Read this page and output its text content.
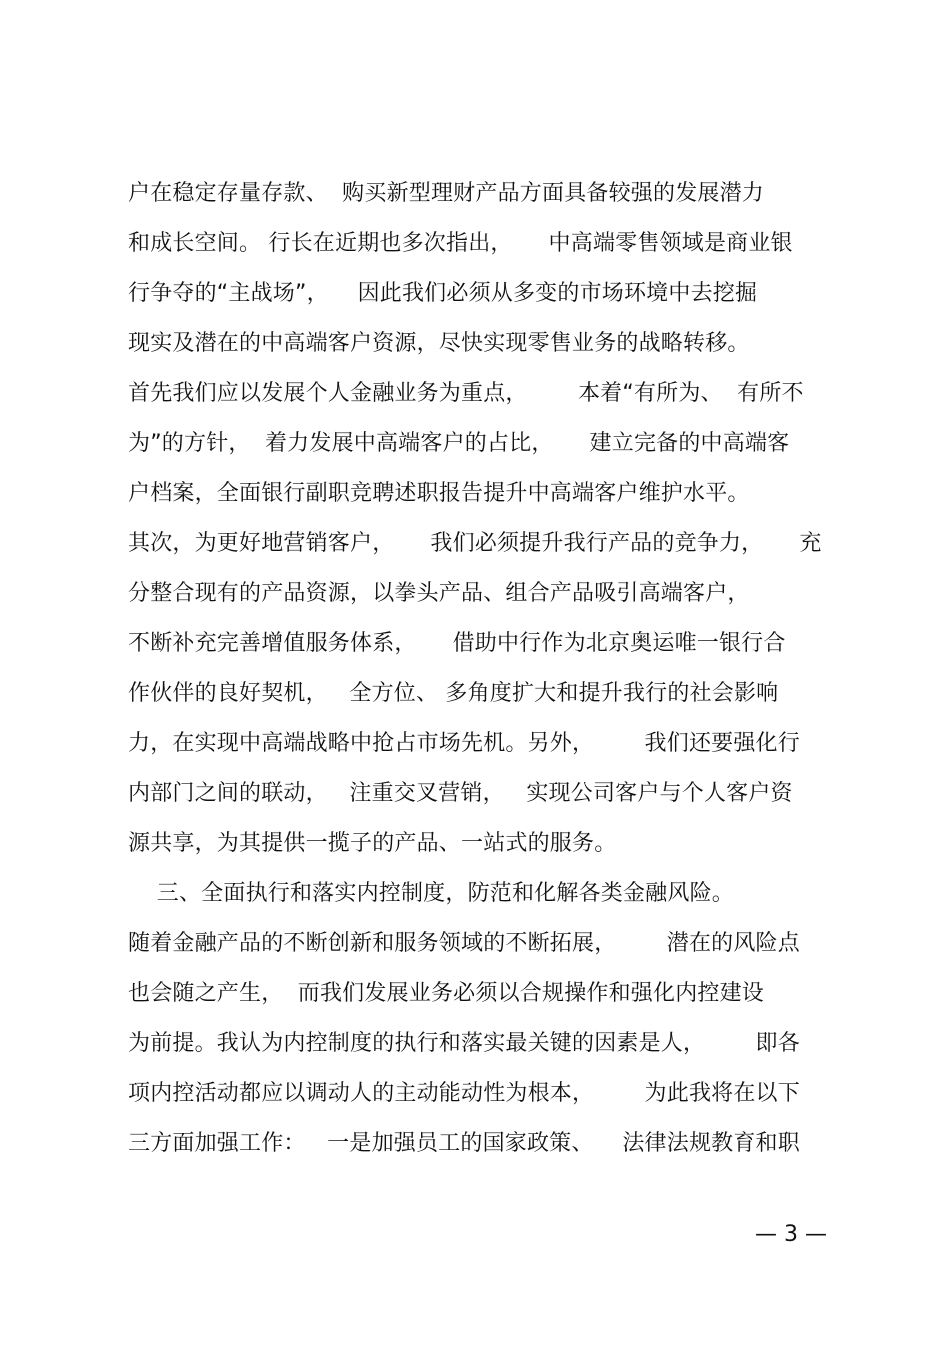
户在稳定存量存款、  购买新型理财产品方面具备较强的发展潜力
和成长空间。 行长在近期也多次指出，     中高端零售领域是商业银
行争夺的“主战场”，    因此我们必须从多变的市场环境中去挖掘
现实及潜在的中高端客户资源，尽快实现零售业务的战略转移。
首先我们应以发展个人金融业务为重点，       本着“有所为、  有所不
为”的方针，  着力发展中高端客户的占比，     建立完备的中高端客
户档案，全面银行副职竞聘述职报告提升中高端客户维护水平。
其次，为更好地营销客户，     我们必须提升我行产品的竞争力，     充
分整合现有的产品资源，以拳头产品、组合产品吸引高端客户，
不断补充完善增值服务体系，     借助中行作为北京奥运唯一银行合
作伙伴的良好契机，   全方位、 多角度扩大和提升我行的社会影响
力，在实现中高端战略中抢占市场先机。另外，       我们还要强化行
内部门之间的联动，   注重交叉营销，   实现公司客户与个人客户资
源共享，为其提供一揽子的产品、一站式的服务。
三、全面执行和落实内控制度，防范和化解各类金融风险。
随着金融产品的不断创新和服务领域的不断拓展，       潜在的风险点
也会随之产生，  而我们发展业务必须以合规操作和强化内控建设
为前提。我认为内控制度的执行和落实最关键的因素是人，       即各
项内控活动都应以调动人的主动能动性为根本，       为此我将在以下
三方面加强工作：   一是加强员工的国家政策、    法律法规教育和职
— 3 —
